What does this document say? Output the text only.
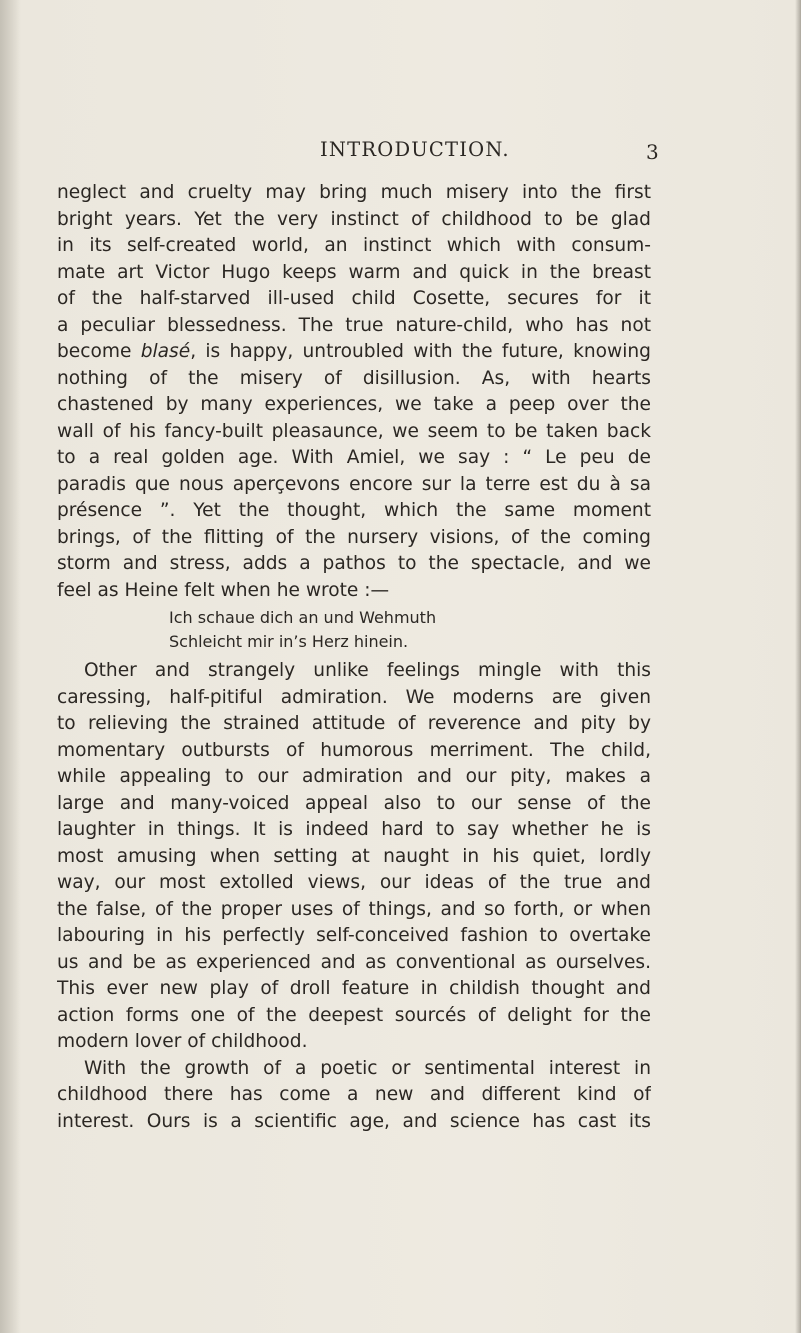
INTRODUCTION.	3
neglect and cruelty may bring much misery into the first
bright years. Yet the very instinct of childhood to be glad
in its self-created world, an instinct which with consum-
mate art Victor Hugo keeps warm and quick in the breast
of the half-starved ill-used child Cosette, secures for it
a peculiar blessedness. The true nature-child, who has not
become blasé, is happy, untroubled with the future, knowing
nothing of the misery of disillusion. As, with hearts
chastened by many experiences, we take a peep over the
wall of his fancy-built pleasaunce, we seem to be taken back
to a real golden age. With Amiel, we say : “ Le peu de
paradis que nous aperçevons encore sur la terre est du à sa
présence ”. Yet the thought, which the same moment
brings, of the flitting of the nursery visions, of the coming
storm and stress, adds a pathos to the spectacle, and we
feel as Heine felt when he wrote :—
Ich schaue dich an und Wehmuth
Schleicht mir in’s Herz hinein.
Other and strangely unlike feelings mingle with this
caressing, half-pitiful admiration. We moderns are given
to relieving the strained attitude of reverence and pity by
momentary outbursts of humorous merriment. The child,
while appealing to our admiration and our pity, makes a
large and many-voiced appeal also to our sense of the
laughter in things. It is indeed hard to say whether he is
most amusing when setting at naught in his quiet, lordly
way, our most extolled views, our ideas of the true and
the false, of the proper uses of things, and so forth, or when
labouring in his perfectly self-conceived fashion to overtake
us and be as experienced and as conventional as ourselves.
This ever new play of droll feature in childish thought and
action forms one of the deepest sourcés of delight for the
modern lover of childhood.
With the growth of a poetic or sentimental interest in
childhood there has come a new and different kind of
interest. Ours is a scientific age, and science has cast its
